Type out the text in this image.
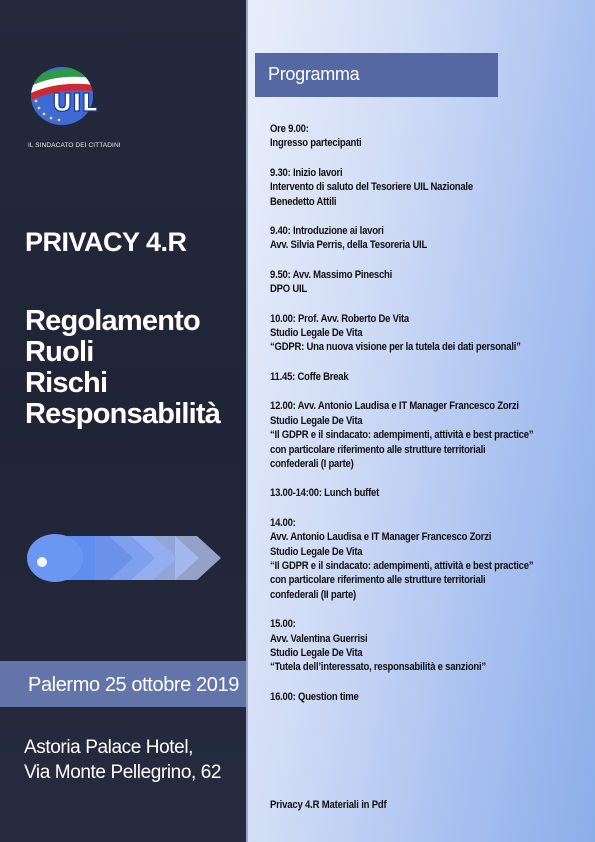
UIL
IL SINDACATO DEI CITTADINI
PRIVACY 4.R
Regolamento
Ruoli
Rischi
Responsabilità
Palermo 25 ottobre 2019
Astoria Palace Hotel,
Via Monte Pellegrino, 62
Programma
Ore 9.00:
Ingresso partecipanti
9.30: Inizio lavori
Intervento di saluto del Tesoriere UIL Nazionale
Benedetto Attili
9.40: Introduzione ai lavori
Avv. Silvia Perris, della Tesoreria UIL
9.50: Avv. Massimo Pineschi
DPO UIL
10.00: Prof. Avv. Roberto De Vita
Studio Legale De Vita
“GDPR: Una nuova visione per la tutela dei dati personali”
11.45: Coffe Break
12.00: Avv. Antonio Laudisa e IT Manager Francesco Zorzi
Studio Legale De Vita
“Il GDPR e il sindacato: adempimenti, attività e best practice”
con particolare riferimento alle strutture territoriali
confederali (I parte)
13.00-14:00: Lunch buffet
14.00:
Avv. Antonio Laudisa e IT Manager Francesco Zorzi
Studio Legale De Vita
“Il GDPR e il sindacato: adempimenti, attività e best practice”
con particolare riferimento alle strutture territoriali
confederali (II parte)
15.00:
Avv. Valentina Guerrisi
Studio Legale De Vita
“Tutela dell’interessato, responsabilità e sanzioni”
16.00: Question time
Privacy 4.R Materiali in Pdf
